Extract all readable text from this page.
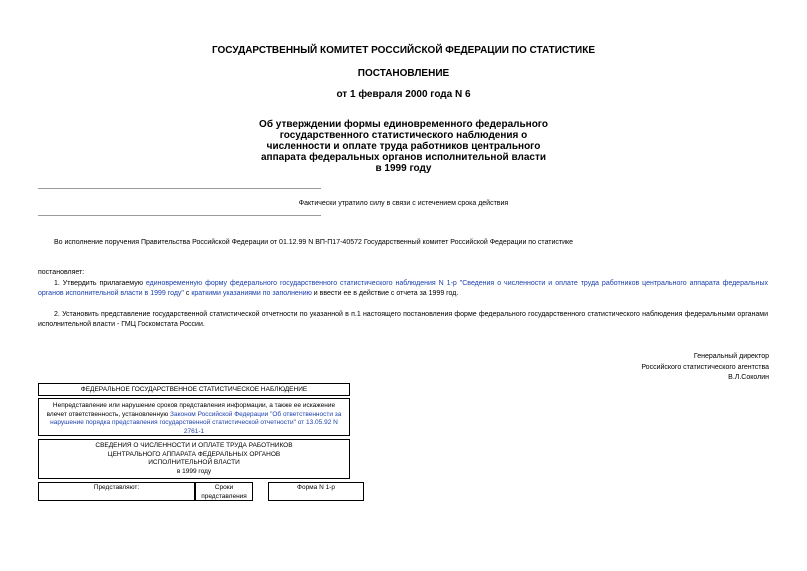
ГОСУДАРСТВЕННЫЙ КОМИТЕТ РОССИЙСКОЙ ФЕДЕРАЦИИ ПО СТАТИСТИКЕ
ПОСТАНОВЛЕНИЕ
от 1 февраля 2000 года N 6
Об утверждении формы единовременного федерального
государственного статистического наблюдения о
численности и оплате труда работников центрального
аппарата федеральных органов исполнительной власти
в 1999 году
Фактически утратило силу в связи с истечением срока действия
Во исполнение поручения Правительства Российской Федерации от 01.12.99 N ВП-П17-40572 Государственный комитет Российской Федерации по статистике
постановляет:
1. Утвердить прилагаемую единовременную форму федерального государственного статистического наблюдения N 1-р "Сведения о численности и оплате труда работников центрального аппарата федеральных органов исполнительной власти в 1999 году" с краткими указаниями по заполнению и ввести ее в действие с отчета за 1999 год.
2. Установить представление государственной статистической отчетности по указанной в п.1 настоящего постановления форме федерального государственного статистического наблюдения федеральными органами исполнительной власти - ГМЦ Госкомстата России.
Генеральный директор
Российского статистического агентства
В.Л.Соколин
ФЕДЕРАЛЬНОЕ ГОСУДАРСТВЕННОЕ СТАТИСТИЧЕСКОЕ НАБЛЮДЕНИЕ
Непредставление или нарушение сроков представления информации, а также ее искажение влечет ответственность, установленную Законом Российской Федерации "Об ответственности за нарушение порядка представления государственной статистической отчетности" от 13.05.92 N 2761-1
СВЕДЕНИЯ О ЧИСЛЕННОСТИ И ОПЛАТЕ ТРУДА РАБОТНИКОВ
ЦЕНТРАЛЬНОГО АППАРАТА ФЕДЕРАЛЬНЫХ ОРГАНОВ
ИСПОЛНИТЕЛЬНОЙ ВЛАСТИ
в 1999 году
Представляют:	Сроки представления
Форма N 1-р
